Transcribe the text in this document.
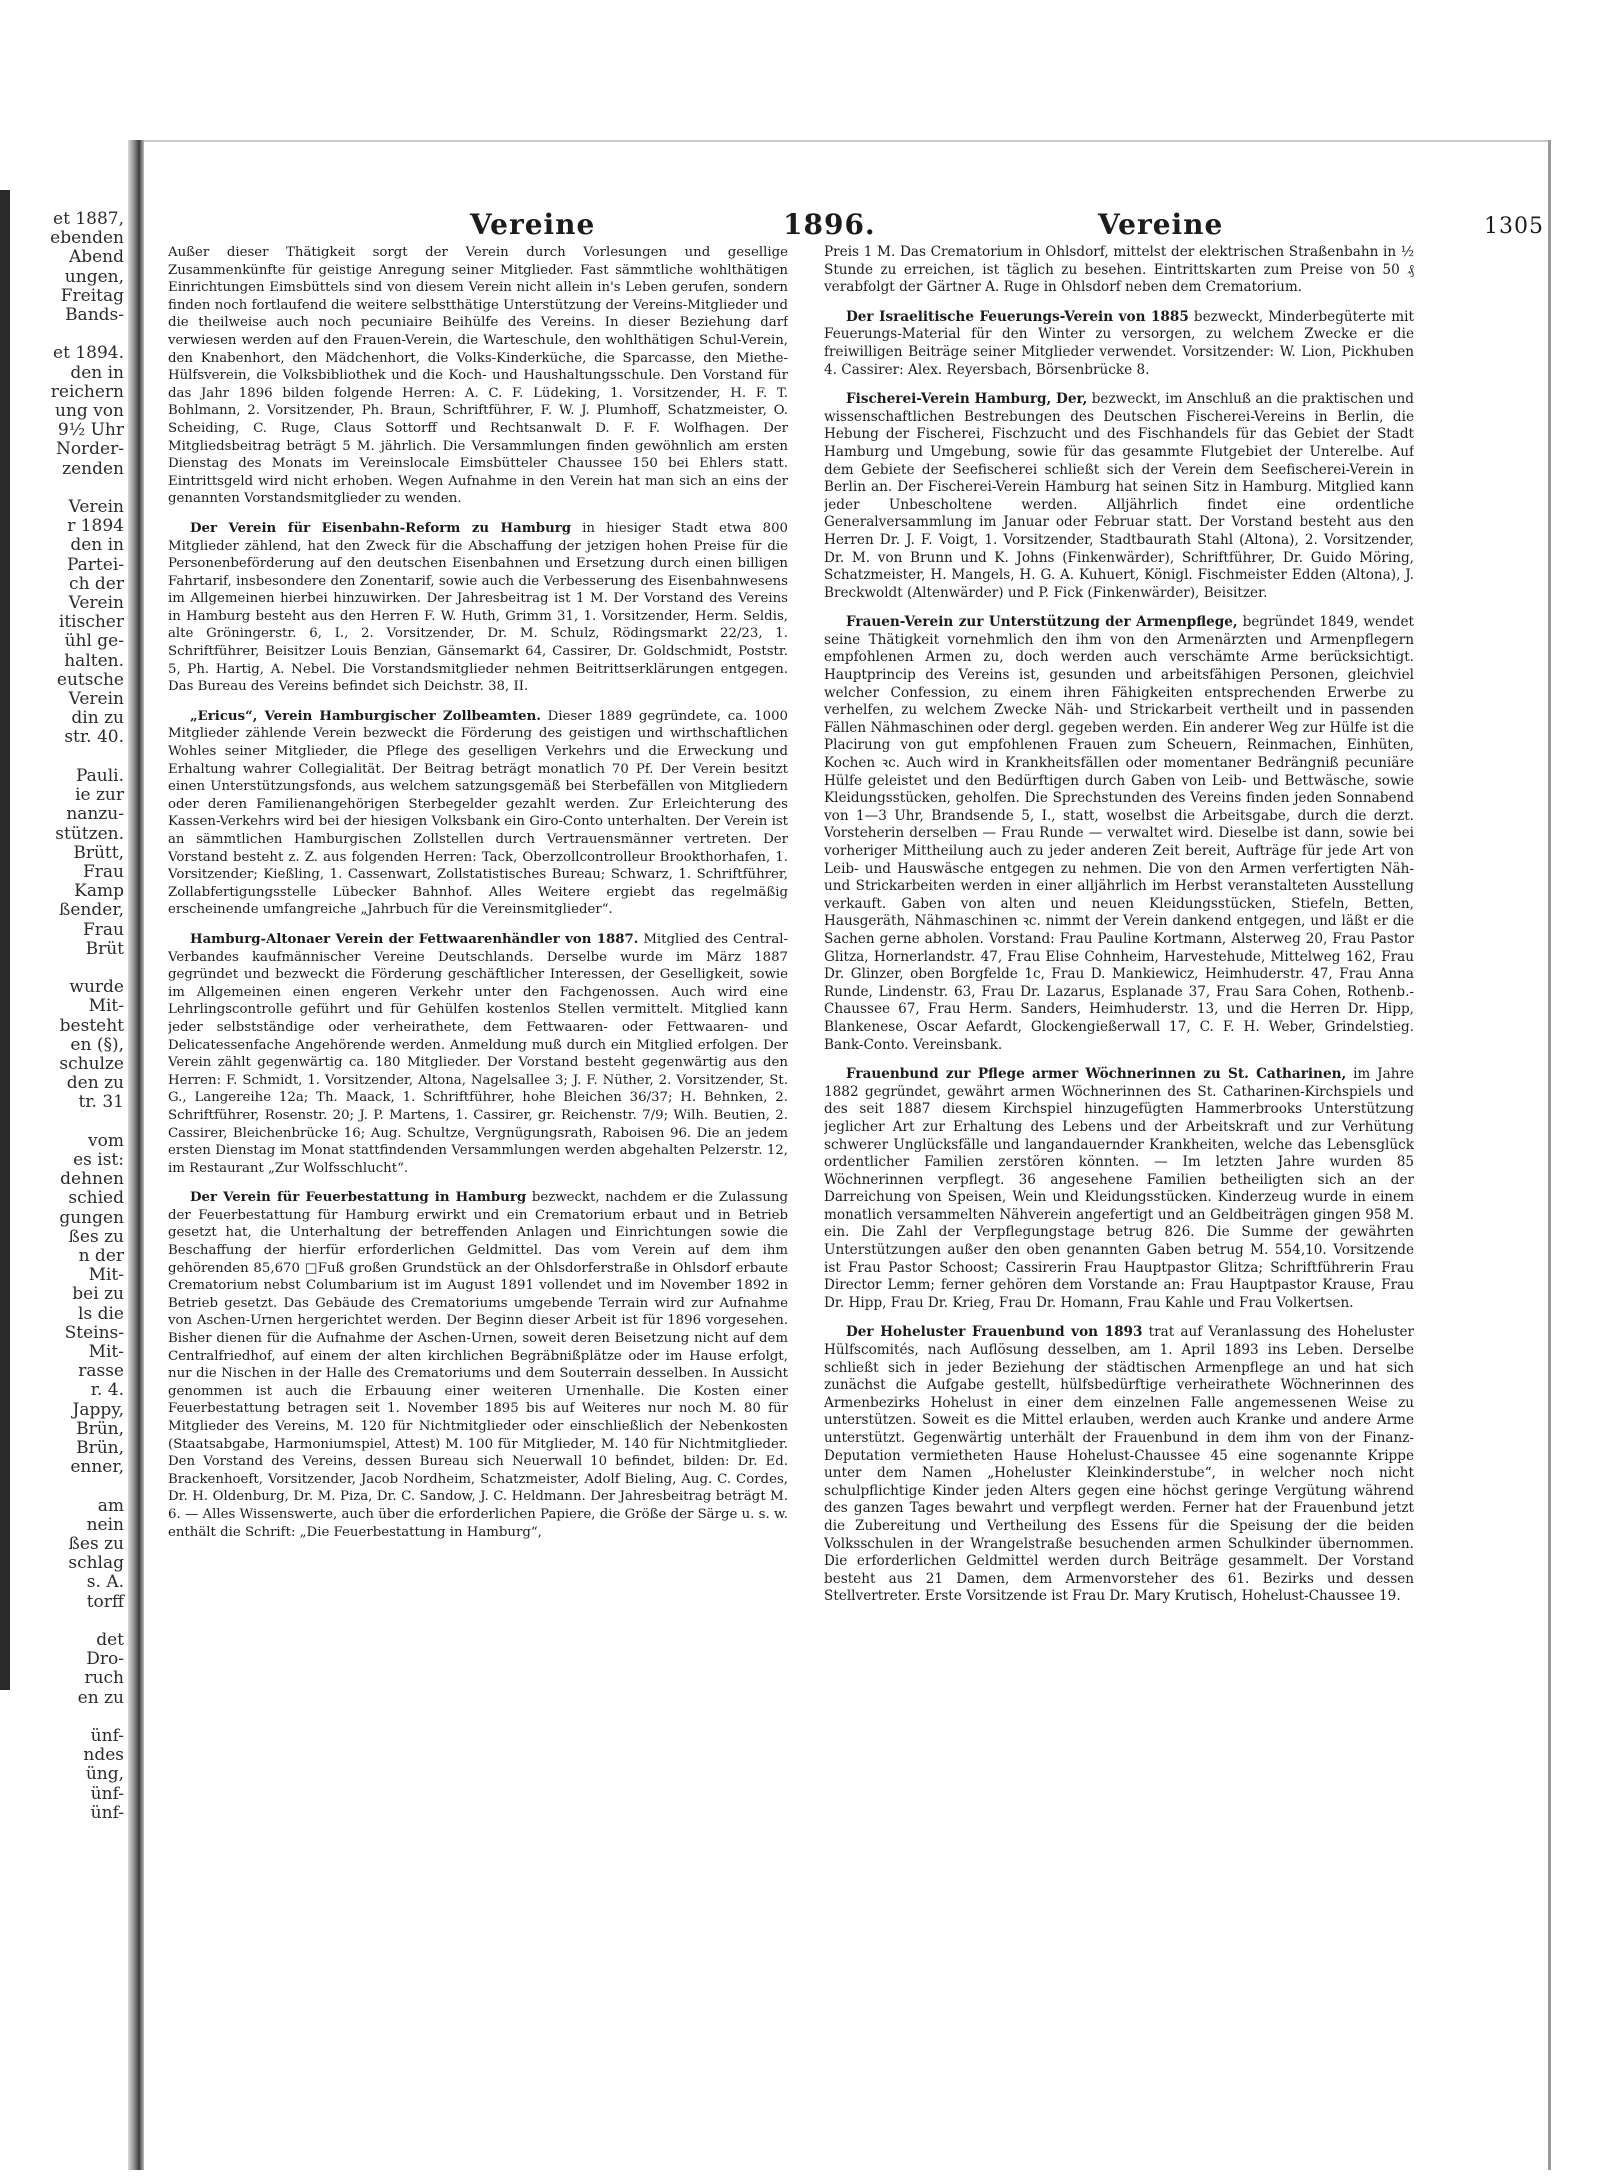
et 1887,
ebenden
Abend
ungen,
Freitag
Bands-

et 1894.
den in
reichern
ung von
9½ Uhr
Norder-
zenden

Verein
r 1894
den in
Partei-
ch der
Verein
itischer
ühl ge-
halten.
eutsche
Verein
din zu
str. 40.

Pauli.
ie zur
nanzu-
stützen.
Brütt,
Frau
Kamp
ßender,
Frau
Brüt

wurde
Mit-
besteht
en (§),
schulze
den zu
tr. 31

vom
es ist:
dehnen
schied
gungen
ßes zu
n der
Mit-
bei zu
ls die
Steins-
Mit-
rasse
r. 4.
Jappy,
Brün,
Brün,
enner,

am
nein
ßes zu
schlag
s. A.
torff

det
Dro-
ruch
en zu

ünf-
ndes
üng,
ünf-
ünf-
Vereine	1896.	Vereine	1305

Außer dieser Thätigkeit sorgt der Verein durch Vorlesungen und gesellige Zusammenkünfte für geistige Anregung seiner Mitglieder. Fast sämmtliche wohlthätigen Einrichtungen Eimsbüttels sind von diesem Verein nicht allein in's Leben gerufen, sondern finden noch fortlaufend die weitere selbstthätige Unterstützung der Vereins-Mitglieder und die theilweise auch noch pecuniaire Beihülfe des Vereins. In dieser Beziehung darf verwiesen werden auf den Frauen-Verein, die Warteschule, den wohlthätigen Schul-Verein, den Knabenhort, den Mädchenhort, die Volks-Kinderküche, die Sparcasse, den Miethe-Hülfsverein, die Volksbibliothek und die Koch- und Haushaltungsschule. Den Vorstand für das Jahr 1896 bilden folgende Herren: A. C. F. Lüdeking, 1. Vorsitzender, H. F. T. Bohlmann, 2. Vorsitzender, Ph. Braun, Schriftführer, F. W. J. Plumhoff, Schatzmeister, O. Scheiding, C. Ruge, Claus Sottorff und Rechtsanwalt D. F. F. Wolfhagen. Der Mitgliedsbeitrag beträgt 5 M. jährlich. Die Versammlungen finden gewöhnlich am ersten Dienstag des Monats im Vereinslocale Eimsbütteler Chaussee 150 bei Ehlers statt. Eintrittsgeld wird nicht erhoben. Wegen Aufnahme in den Verein hat man sich an eins der genannten Vorstandsmitglieder zu wenden.

Der Verein für Eisenbahn-Reform zu Hamburg in hiesiger Stadt etwa 800 Mitglieder zählend, hat den Zweck für die Abschaffung der jetzigen hohen Preise für die Personenbeförderung auf den deutschen Eisenbahnen und Ersetzung durch einen billigen Fahrtarif, insbesondere den Zonentarif, sowie auch die Verbesserung des Eisenbahnwesens im Allgemeinen hierbei hinzuwirken. Der Jahresbeitrag ist 1 M. Der Vorstand des Vereins in Hamburg besteht aus den Herren F. W. Huth, Grimm 31, 1. Vorsitzender, Herm. Seldis, alte Gröningerstr. 6, I., 2. Vorsitzender, Dr. M. Schulz, Rödingsmarkt 22/23, 1. Schriftführer, Beisitzer Louis Benzian, Gänsemarkt 64, Cassirer, Dr. Goldschmidt, Poststr. 5, Ph. Hartig, A. Nebel. Die Vorstandsmitglieder nehmen Beitrittserklärungen entgegen. Das Bureau des Vereins befindet sich Deichstr. 38, II.

„Ericus“, Verein Hamburgischer Zollbeamten. Dieser 1889 gegründete, ca. 1000 Mitglieder zählende Verein bezweckt die Förderung des geistigen und wirthschaftlichen Wohles seiner Mitglieder, die Pflege des geselligen Verkehrs und die Erweckung und Erhaltung wahrer Collegialität. Der Beitrag beträgt monatlich 70 Pf. Der Verein besitzt einen Unterstützungsfonds, aus welchem satzungsgemäß bei Sterbefällen von Mitgliedern oder deren Familienangehörigen Sterbegelder gezahlt werden. Zur Erleichterung des Kassen-Verkehrs wird bei der hiesigen Volksbank ein Giro-Conto unterhalten. Der Verein ist an sämmtlichen Hamburgischen Zollstellen durch Vertrauensmänner vertreten. Der Vorstand besteht z. Z. aus folgenden Herren: Tack, Oberzollcontrolleur Brookthorhafen, 1. Vorsitzender; Kießling, 1. Cassenwart, Zollstatistisches Bureau; Schwarz, 1. Schriftführer, Zollabfertigungsstelle Lübecker Bahnhof. Alles Weitere ergiebt das regelmäßig erscheinende umfangreiche „Jahrbuch für die Vereinsmitglieder“.

Hamburg-Altonaer Verein der Fettwaarenhändler von 1887. Mitglied des Central-Verbandes kaufmännischer Vereine Deutschlands. Derselbe wurde im März 1887 gegründet und bezweckt die Förderung geschäftlicher Interessen, der Geselligkeit, sowie im Allgemeinen einen engeren Verkehr unter den Fachgenossen. Auch wird eine Lehrlingscontrolle geführt und für Gehülfen kostenlos Stellen vermittelt. Mitglied kann jeder selbstständige oder verheirathete, dem Fettwaaren- oder Fettwaaren- und Delicatessenfache Angehörende werden. Anmeldung muß durch ein Mitglied erfolgen. Der Verein zählt gegenwärtig ca. 180 Mitglieder. Der Vorstand besteht gegenwärtig aus den Herren: F. Schmidt, 1. Vorsitzender, Altona, Nagelsallee 3; J. F. Nüther, 2. Vorsitzender, St. G., Langereihe 12a; Th. Maack, 1. Schriftführer, hohe Bleichen 36/37; H. Behnken, 2. Schriftführer, Rosenstr. 20; J. P. Martens, 1. Cassirer, gr. Reichenstr. 7/9; Wilh. Beutien, 2. Cassirer, Bleichenbrücke 16; Aug. Schultze, Vergnügungsrath, Raboisen 96. Die an jedem ersten Dienstag im Monat stattfindenden Versammlungen werden abgehalten Pelzerstr. 12, im Restaurant „Zur Wolfsschlucht“.

Der Verein für Feuerbestattung in Hamburg bezweckt, nachdem er die Zulassung der Feuerbestattung für Hamburg erwirkt und ein Crematorium erbaut und in Betrieb gesetzt hat, die Unterhaltung der betreffenden Anlagen und Einrichtungen sowie die Beschaffung der hierfür erforderlichen Geldmittel. Das vom Verein auf dem ihm gehörenden 85,670 □Fuß großen Grundstück an der Ohlsdorferstraße in Ohlsdorf erbaute Crematorium nebst Columbarium ist im August 1891 vollendet und im November 1892 in Betrieb gesetzt. Das Gebäude des Crematoriums umgebende Terrain wird zur Aufnahme von Aschen-Urnen hergerichtet werden. Der Beginn dieser Arbeit ist für 1896 vorgesehen. Bisher dienen für die Aufnahme der Aschen-Urnen, soweit deren Beisetzung nicht auf dem Centralfriedhof, auf einem der alten kirchlichen Begräbnißplätze oder im Hause erfolgt, nur die Nischen in der Halle des Crematoriums und dem Souterrain desselben. In Aussicht genommen ist auch die Erbauung einer weiteren Urnenhalle. Die Kosten einer Feuerbestattung betragen seit 1. November 1895 bis auf Weiteres nur noch M. 80 für Mitglieder des Vereins, M. 120 für Nichtmitglieder oder einschließlich der Nebenkosten (Staatsabgabe, Harmoniumspiel, Attest) M. 100 für Mitglieder, M. 140 für Nichtmitglieder. Den Vorstand des Vereins, dessen Bureau sich Neuerwall 10 befindet, bilden: Dr. Ed. Brackenhoeft, Vorsitzender, Jacob Nordheim, Schatzmeister, Adolf Bieling, Aug. C. Cordes, Dr. H. Oldenburg, Dr. M. Piza, Dr. C. Sandow, J. C. Heldmann. Der Jahresbeitrag beträgt M. 6. — Alles Wissenswerte, auch über die erforderlichen Papiere, die Größe der Särge u. s. w. enthält die Schrift: „Die Feuerbestattung in Hamburg“,

Preis 1 M. Das Crematorium in Ohlsdorf, mittelst der elektrischen Straßenbahn in ½ Stunde zu erreichen, ist täglich zu besehen. Eintrittskarten zum Preise von 50 ₰ verabfolgt der Gärtner A. Ruge in Ohlsdorf neben dem Crematorium.

Der Israelitische Feuerungs-Verein von 1885 bezweckt, Minderbegüterte mit Feuerungs-Material für den Winter zu versorgen, zu welchem Zwecke er die freiwilligen Beiträge seiner Mitglieder verwendet. Vorsitzender: W. Lion, Pickhuben 4. Cassirer: Alex. Reyersbach, Börsenbrücke 8.

Fischerei-Verein Hamburg, Der, bezweckt, im Anschluß an die praktischen und wissenschaftlichen Bestrebungen des Deutschen Fischerei-Vereins in Berlin, die Hebung der Fischerei, Fischzucht und des Fischhandels für das Gebiet der Stadt Hamburg und Umgebung, sowie für das gesammte Flutgebiet der Unterelbe. Auf dem Gebiete der Seefischerei schließt sich der Verein dem Seefischerei-Verein in Berlin an. Der Fischerei-Verein Hamburg hat seinen Sitz in Hamburg. Mitglied kann jeder Unbescholtene werden. Alljährlich findet eine ordentliche Generalversammlung im Januar oder Februar statt. Der Vorstand besteht aus den Herren Dr. J. F. Voigt, 1. Vorsitzender, Stadtbaurath Stahl (Altona), 2. Vorsitzender, Dr. M. von Brunn und K. Johns (Finkenwärder), Schriftführer, Dr. Guido Möring, Schatzmeister, H. Mangels, H. G. A. Kuhuert, Königl. Fischmeister Edden (Altona), J. Breckwoldt (Altenwärder) und P. Fick (Finkenwärder), Beisitzer.

Frauen-Verein zur Unterstützung der Armenpflege, begründet 1849, wendet seine Thätigkeit vornehmlich den ihm von den Armenärzten und Armenpflegern empfohlenen Armen zu, doch werden auch verschämte Arme berücksichtigt. Hauptprincip des Vereins ist, gesunden und arbeitsfähigen Personen, gleichviel welcher Confession, zu einem ihren Fähigkeiten entsprechenden Erwerbe zu verhelfen, zu welchem Zwecke Näh- und Strickarbeit vertheilt und in passenden Fällen Nähmaschinen oder dergl. gegeben werden. Ein anderer Weg zur Hülfe ist die Placirung von gut empfohlenen Frauen zum Scheuern, Reinmachen, Einhüten, Kochen ꝛc. Auch wird in Krankheitsfällen oder momentaner Bedrängniß pecuniäre Hülfe geleistet und den Bedürftigen durch Gaben von Leib- und Bettwäsche, sowie Kleidungsstücken, geholfen. Die Sprechstunden des Vereins finden jeden Sonnabend von 1—3 Uhr, Brandsende 5, I., statt, woselbst die Arbeitsgabe, durch die derzt. Vorsteherin derselben — Frau Runde — verwaltet wird. Dieselbe ist dann, sowie bei vorheriger Mittheilung auch zu jeder anderen Zeit bereit, Aufträge für jede Art von Leib- und Hauswäsche entgegen zu nehmen. Die von den Armen verfertigten Näh- und Strickarbeiten werden in einer alljährlich im Herbst veranstalteten Ausstellung verkauft. Gaben von alten und neuen Kleidungsstücken, Stiefeln, Betten, Hausgeräth, Nähmaschinen ꝛc. nimmt der Verein dankend entgegen, und läßt er die Sachen gerne abholen. Vorstand: Frau Pauline Kortmann, Alsterweg 20, Frau Pastor Glitza, Hornerlandstr. 47, Frau Elise Cohnheim, Harvestehude, Mittelweg 162, Frau Dr. Glinzer, oben Borgfelde 1c, Frau D. Mankiewicz, Heimhuderstr. 47, Frau Anna Runde, Lindenstr. 63, Frau Dr. Lazarus, Esplanade 37, Frau Sara Cohen, Rothenb.-Chaussee 67, Frau Herm. Sanders, Heimhuderstr. 13, und die Herren Dr. Hipp, Blankenese, Oscar Aefardt, Glockengießerwall 17, C. F. H. Weber, Grindelstieg. Bank-Conto. Vereinsbank.

Frauenbund zur Pflege armer Wöchnerinnen zu St. Catharinen, im Jahre 1882 gegründet, gewährt armen Wöchnerinnen des St. Catharinen-Kirchspiels und des seit 1887 diesem Kirchspiel hinzugefügten Hammerbrooks Unterstützung jeglicher Art zur Erhaltung des Lebens und der Arbeitskraft und zur Verhütung schwerer Unglücksfälle und langandauernder Krankheiten, welche das Lebensglück ordentlicher Familien zerstören könnten. — Im letzten Jahre wurden 85 Wöchnerinnen verpflegt. 36 angesehene Familien betheiligten sich an der Darreichung von Speisen, Wein und Kleidungsstücken. Kinderzeug wurde in einem monatlich versammelten Nähverein angefertigt und an Geldbeiträgen gingen 958 M. ein. Die Zahl der Verpflegungstage betrug 826. Die Summe der gewährten Unterstützungen außer den oben genannten Gaben betrug M. 554,10. Vorsitzende ist Frau Pastor Schoost; Cassirerin Frau Hauptpastor Glitza; Schriftführerin Frau Director Lemm; ferner gehören dem Vorstande an: Frau Hauptpastor Krause, Frau Dr. Hipp, Frau Dr. Krieg, Frau Dr. Homann, Frau Kahle und Frau Volkertsen.

Der Hoheluster Frauenbund von 1893 trat auf Veranlassung des Hoheluster Hülfscomités, nach Auflösung desselben, am 1. April 1893 ins Leben. Derselbe schließt sich in jeder Beziehung der städtischen Armenpflege an und hat sich zunächst die Aufgabe gestellt, hülfsbedürftige verheirathete Wöchnerinnen des Armenbezirks Hohelust in einer dem einzelnen Falle angemessenen Weise zu unterstützen. Soweit es die Mittel erlauben, werden auch Kranke und andere Arme unterstützt. Gegenwärtig unterhält der Frauenbund in dem ihm von der Finanz-Deputation vermietheten Hause Hohelust-Chaussee 45 eine sogenannte Krippe unter dem Namen „Hoheluster Kleinkinderstube“, in welcher noch nicht schulpflichtige Kinder jeden Alters gegen eine höchst geringe Vergütung während des ganzen Tages bewahrt und verpflegt werden. Ferner hat der Frauenbund jetzt die Zubereitung und Vertheilung des Essens für die Speisung der die beiden Volksschulen in der Wrangelstraße besuchenden armen Schulkinder übernommen. Die erforderlichen Geldmittel werden durch Beiträge gesammelt. Der Vorstand besteht aus 21 Damen, dem Armenvorsteher des 61. Bezirks und dessen Stellvertreter. Erste Vorsitzende ist Frau Dr. Mary Krutisch, Hohelust-Chaussee 19.
